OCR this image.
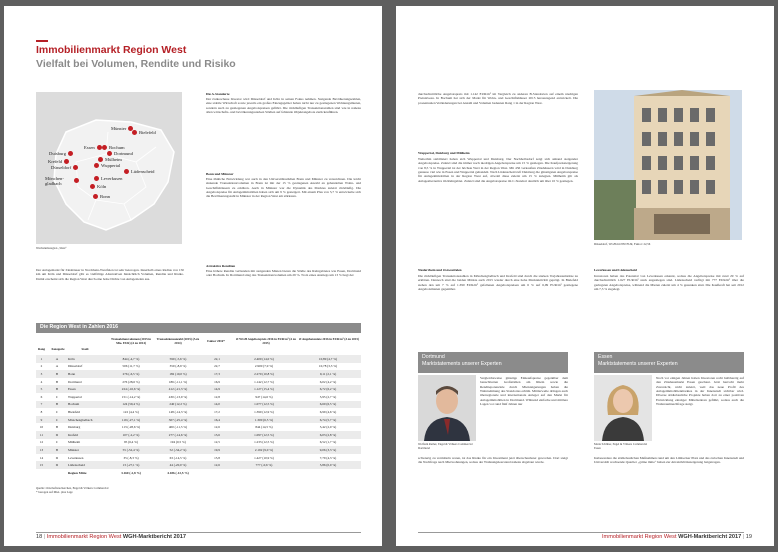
Immobilienmarkt Region West
Vielfalt bei Volumen, Rendite und Risiko
Münster
Bielefeld
Essen	Bochum
Duisburg	Dortmund
Mülheim
Krefeld
Düsseldorf	Wuppertal
Mönchen-gladbach
Leverkusen
Lüdenscheid
Köln
Bonn
Wachstumsregion „West“
Die A-Standorte
Der risikoscheue Investor wird Düsseldorf und Köln in seinen Fokus nehmen. Steigende Bevölkerungszahlen, eine stabile Wirtschaft sowie jeweils ein großes Einzugsgebiet haben nicht nur zu gestiegenen Wohnungsmieten, sondern auch zu gestiegenen Angebotspreisen geführt. Die rückläufigen Transaktionszahlen sind wie in nahezu allen wirtschafts- und bevölkerungsstarken Städten auf fehlende Objektangebote zurückzuführen.
Bonn und Münster
Eine ähnliche Entwicklung war auch in den Universitätsstädten Bonn und Münster zu verzeichnen. Die leicht sinkende Transaktionsvolumen in Bonn ist mit der 15 % gestiegenen Anzahl an gehandelten Wohn- und Geschäftshäusern zu erklären. Auch in Münster war die Dynamik des Marktes zuletzt rückläufig. Die Angebotspreise für Anlageimmobilien haben sich um 9 % gesteigert. Mit einem Plus von 5,7 % entwickelte sich die Bevölkerungszahl in Münster in der Region West am stärksten.
Attraktive Renditen
Eine höhere Rendite verbunden mit steigenden Mieten bieten die Städte des Ruhrgebietes wie Essen, Dortmund oder Bochum. In Dortmund stieg das Transaktionsvolumen um 29 %. Trotz eines Anstiegs um 13 % liegt der
Der Anlagemarkt für Zinshäuser in Nordrhein-Westfalen ist sehr heterogen. Innerhalb eines Radius von 150 km um Köln und Düsseldorf gibt es vielfältige Alternativen hinsichtlich Volumen, Rendite und Risiko. Damit erscheint sich die Region West durch eine hohe Dichte von Anlagezielen aus.
Die Region West in Zahlen 2016
Rang	Kategorie	Stadt
Transaktionsvolumen (2015 in Mio. EUR) (Δ zu 2014)
Transaktionsanzahl (2015) (Δ zu 2014)	Faktor 2016*	Ø WGH Angebotspreis 2016 in EUR/m² (Δ zu 2015)
Ø Angebotsmiete 2016 in EUR/m² (Δ zu 2015)
1	A	Köln	844 (-4,7 %)	590 (-5,6 %)	22,1	2.400 (14,0 %)	10,89 (4,7 %)
2	A	Düsseldorf	506 (11,7 %)	350 (-8,9 %)	22,7	2.900 (7,9 %)	10,78 (3,3 %)
3	B	Bonn	276 (-6,5 %)	182 (10,0 %)	17,3	2.270 (10,8 %)	9,11 (2,1 %)
4	B	Dortmund	276 (28,6 %)	186 (-11,1 %)	16,9	1.142 (12,7 %)	6,02 (4,2 %)
5	B	Essen	224 (-16,6 %)	412 (-21,3 %)	14,9	1.127 (15,4 %)	6,72 (6,2 %)
6	C	Wuppertal	151 (-14,2 %)	430 (-13,9 %)	12,8	947 (14,6 %)	5,95 (2,7 %)
7	B	Bochum	124 (59,4 %)	240 (12,2 %)	14,0	1.077 (12,5 %)	6,60 (6,5 %)
8	C	Bielefeld	122 (4,4 %)	148 (-14,3 %)	17,2	1.390 (12,9 %)	6,99 (4,6 %)
9	C	Mönchengladbach	119 (-27,1 %)	307 (-25,4 %)	16,4	1.300 (6,5 %)	6,74 (5,7 %)
10	B	Duisburg	113 (-28,6 %)	400 (-11,5 %)	12,6	844 (14,5 %)	5,42 (2,0 %)
11	D	Krefeld	107 (-2,2 %)	277 (-14,6 %)	13,6	1.097 (12,5 %)	6,03 (2,8 %)
12	C	Mülheim	95 (6,4 %)	194 (0,5 %)	12,5	1.233 (12,5 %)	6,52 (1,7 %)
13	B	Münster	55 (-52,4 %)	52 (-34,2 %)	19,9	2.192 (9,0 %)	9,06 (3,3 %)
14	D	Leverkusen	35 (-8,3 %)	63 (-14,5 %)	15,8	1.427 (10,9 %)	7,79 (4,3 %)
15	D	Lüdenscheid	13 (-27,1 %)	44 (-20,0 %)	12,6	777 (-0,6 %)	5,86 (0,0 %)
		Region Mitte	3.160 (-2,8 %)	4.186 (-12,5 %)			
Quelle: Ortschaftsrecherchen, Engel & Völkers Commercial
* bezogen auf Miet- plus Lage
18 | Immobilienmarkt Region West WGH-Marktbericht 2017
durchschnittliche Angebotspreis mit 1.142 EUR/m² im Vergleich zu anderen B-Standorten auf einem niedrigen Preisniveau. In Bochum hat sich der Markt für Wohn- und Geschäftshäuser 2015 herausragend entwickelt. Die prozentualen Veränderungen bei Anzahl und Volumen bedeuten Rang 1 in der Region West.
Wuppertal, Duisburg und Mülheim
Weiterhin stabilisiert haben sich Wuppertal und Duisburg. Der Nachholbedarf zeigt sich anhand steigender Angebotspreise. Zuletzt sind die immer noch niedrigen Angebotspreise um 15 % gestiegen. Die Kaufpreissteigerung von 8,5 % in Wuppertal ist der höchste Wert in der Region West. Mit 456 verkauften Zinshäusern wird in Duisburg genauso viel wie in Essen und Wuppertal gehandelt. Nach Lüdenscheid ruft Duisburg die günstigsten Angebotspreise für Anlageimmobilien in der Region West auf, obwohl diese zuletzt um 15 % zulegten. Mülheim gilt als Anlagealternative im Ruhrgebiet. Zuletzt sind die Angebotspreise im C-Standort deutlich um über 10 % gestiegen.
Düsseldorf, WGH mit 850 EUR, Faktor: 22,56
Niederrhein und Ostwestfalen
Die rückläufigen Transaktionszahlen in Mönchengladbach und Krefeld sind durch die starken Vorjahresumsätze zu erklären. Dennoch sind die beiden Märkte auch 2015 wieder durch eine hohe Marktaktivität geprägt. In Bielefeld stehen den um 7 % auf 1.390 EUR/m² gefallenen Angebotspreisen um 6 % auf 6,99 EUR/m² gestiegene Angebotsmieten gegenüber.
Leverkusen und Lüdenscheid
Investoren haben das Potenzial von Leverkusen erkannt, sodass die Angebotspreise mit rund 29 % auf durchschnittlich 1.627 EUR/m² stark angestiegen sind. Lüdenscheid verfügt mit 777 EUR/m² über die geringsten Angebotspreise, während die Mieten zuletzt um 4 % gesunken sind. Die Kaufkraft hat seit 2012 um 7,3 % zugelegt.
Dortmund
Marktstatements unserer Experten
Wolfram Reiber, Engel & Völkers Commercial Dortmund
Vergleichsweise günstige Einkaufspreise gegenüber dem benachbarten Großstädten am Rhein sowie die Renditepotenziale durch Mietsteigerungen haben die Wahrnehmung des Standortes erhöht. Mittlerweile drängen auch überregionale und internationale Anleger auf den Markt für Anlageimmobilien in Dortmund. Während einfache und mittlere Lagen vor rund fünf Jahren nur
schwierig zu vermitteln waren, ist das Risiko für ein Investment jetzt überschaubarer geworden. Dort steigt die Nachfrage nach Mietwohnungen, sodass der Wohnungsleerstand nahezu abgebaut wurde.
Essen
Marktstatements unserer Experten
Maria Schlüter, Engel & Völkers Commercial Essen
Noch vor einigen Jahren haben Investoren recht halbherzig auf den Zinshausmarkt Essen geschaut. Jetzt herrscht mehr Zuversicht, nicht zuletzt, weil das neue Profil des Anlageimmobilienmarktes in der Innenstadt sichtbar wird. Diverse städtebauliche Projekte haben dort zu einer positiven Entwicklung einstiger Mittelzentren geführt, sodass auch die Wohnraumnachfrage steigt.
Insbesondere die städtebaulichen Maßnahmen rund um den Limbecker Platz und das zwischen Innenstadt und Universität wachsende Quartier „grüne mitte“ haben zur Attraktivitätssteigerung beigetragen.
Immobilienmarkt Region West WGH-Marktbericht 2017 | 19
